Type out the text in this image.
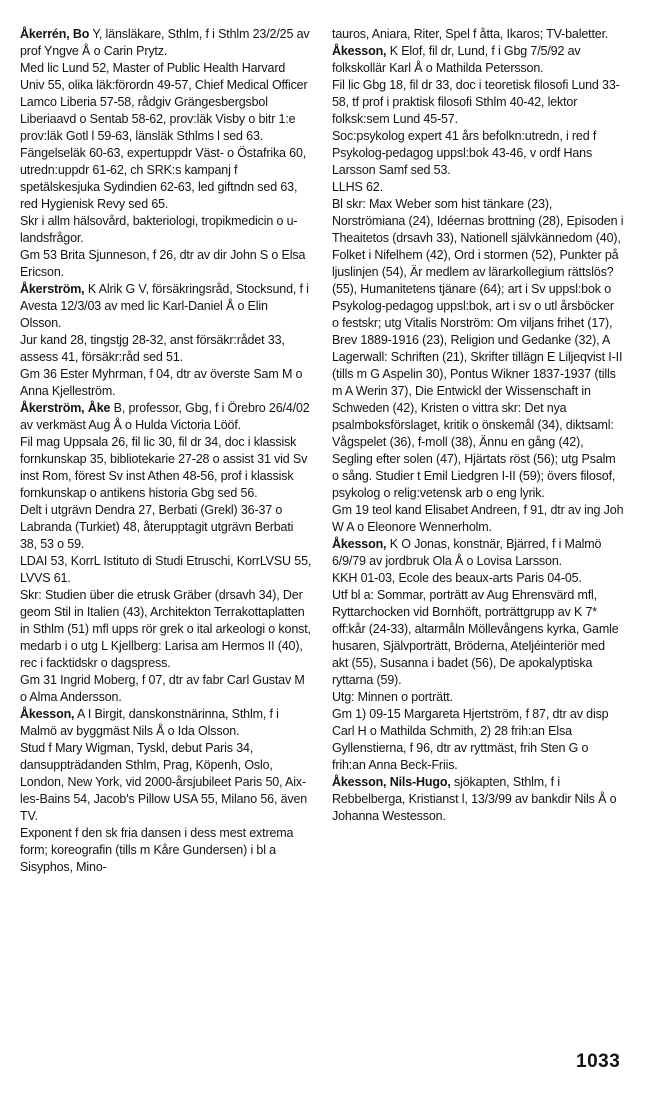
Åkerrén, Bo Y, länsläkare, Sthlm, f i Sthlm 23/2/25 av prof Yngve Å o Carin Prytz.

Med lic Lund 52, Master of Public Health Harvard Univ 55, olika läk:förordn 49-57, Chief Medical Officer Lamco Liberia 57-58, rådgiv Grängesbergsbol Liberiaavd o Sentab 58-62, prov:läk Visby o bitr 1:e prov:läk Gotl l 59-63, länsläk Sthlms l sed 63.

Fängelseläk 60-63, expertuppdr Väst- o Östafrika 60, utredn:uppdr 61-62, ch SRK:s kampanj f spetälskesjuka Sydindien 62-63, led giftndn sed 63, red Hygienisk Revy sed 65.

Skr i allm hälsovård, bakteriologi, tropikmedicin o u-landsfrågor.

Gm 53 Brita Sjunneson, f 26, dtr av dir John S o Elsa Ericson.

Åkerström, K Alrik G V, försäkringsråd, Stocksund, f i Avesta 12/3/03 av med lic Karl-Daniel Å o Elin Olsson.

Jur kand 28, tingstjg 28-32, anst försäkr:rådet 33, assess 41, försäkr:råd sed 51.

Gm 36 Ester Myhrman, f 04, dtr av överste Sam M o Anna Kjelleström.

Åkerström, Åke B, professor, Gbg, f i Örebro 26/4/02 av verkmäst Aug Å o Hulda Victoria Lööf.

Fil mag Uppsala 26, fil lic 30, fil dr 34, doc i klassisk fornkunskap 35, bibliotekarie 27-28 o assist 31 vid Sv inst Rom, förest Sv inst Athen 48-56, prof i klassisk fornkunskap o antikens historia Gbg sed 56.

Delt i utgrävn Dendra 27, Berbati (Grekl) 36-37 o Labranda (Turkiet) 48, återupptagit utgrävn Berbati 38, 53 o 59.

LDAI 53, KorrL Istituto di Studi Etruschi, KorrLVSU 55, LVVS 61.

Skr: Studien über die etrusk Gräber (drsavh 34), Der geom Stil in Italien (43), Architekton Terrakottaplatten in Sthlm (51) mfl upps rör grek o ital arkeologi o konst, medarb i o utg L Kjellberg: Larisa am Hermos II (40), rec i facktidskr o dagspress.

Gm 31 Ingrid Moberg, f 07, dtr av fabr Carl Gustav M o Alma Andersson.

Åkesson, A I Birgit, danskonstnärinna, Sthlm, f i Malmö av byggmäst Nils Å o Ida Olsson.

Stud f Mary Wigman, Tyskl, debut Paris 34, dansuppträdanden Sthlm, Prag, Köpenh, Oslo, London, New York, vid 2000-årsjubileet Paris 50, Aix-les-Bains 54, Jacob's Pillow USA 55, Milano 56, även TV.

Exponent f den sk fria dansen i dess mest extrema form; koreografin (tills m Kåre Gundersen) i bl a Sisyphos, Mino-

tauros, Aniara, Riter, Spel f åtta, Ikaros; TV-baletter.

Åkesson, K Elof, fil dr, Lund, f i Gbg 7/5/92 av folkskollär Karl Å o Mathilda Petersson.

Fil lic Gbg 18, fil dr 33, doc i teoretisk filosofi Lund 33-58, tf prof i praktisk filosofi Sthlm 40-42, lektor folksk:sem Lund 45-57.

Soc:psykolog expert 41 års befolkn:utredn, i red f Psykolog-pedagog uppsl:bok 43-46, v ordf Hans Larsson Samf sed 53.

LLHS 62.

Bl skr: Max Weber som hist tänkare (23), Norströmiana (24), Idéernas brottning (28), Episoden i Theaitetos (drsavh 33), Nationell självkännedom (40), Folket i Nifelhem (42), Ord i stormen (52), Punkter på ljuslinjen (54), Är medlem av lärarkollegium rättslös? (55), Humanitetens tjänare (64); art i Sv uppsl:bok o Psykolog-pedagog uppsl:bok, art i sv o utl årsböcker o festskr; utg Vitalis Norström: Om viljans frihet (17), Brev 1889-1916 (23), Religion und Gedanke (32), A Lagerwall: Schriften (21), Skrifter tillägn E Liljeqvist I-II (tills m G Aspelin 30), Pontus Wikner 1837-1937 (tills m A Werin 37), Die Entwickl der Wissenschaft in Schweden (42), Kristen o vittra skr: Det nya psalmboksförslaget, kritik o önskemål (34), diktsaml: Vågspelet (36), f-moll (38), Ännu en gång (42), Segling efter solen (47), Hjärtats röst (56); utg Psalm o sång. Studier t Emil Liedgren I-II (59); övers filosof, psykolog o relig:vetensk arb o eng lyrik.

Gm 19 teol kand Elisabet Andreen, f 91, dtr av ing Joh W A o Eleonore Wennerholm.

Åkesson, K O Jonas, konstnär, Bjärred, f i Malmö 6/9/79 av jordbruk Ola Å o Lovisa Larsson.

KKH 01-03, Ecole des beaux-arts Paris 04-05.

Utf bl a: Sommar, porträtt av Aug Ehrensvärd mfl, Ryttarchocken vid Bornhöft, porträttgrupp av K 7* off:kår (24-33), altarmåln Möllevångens kyrka, Gamle husaren, Självporträtt, Bröderna, Ateljéinteriör med akt (55), Susanna i badet (56), De apokalyptiska ryttarna (59).

Utg: Minnen o porträtt.

Gm 1) 09-15 Margareta Hjertström, f 87, dtr av disp Carl H o Mathilda Schmith, 2) 28 frih:an Elsa Gyllenstierna, f 96, dtr av ryttmäst, frih Sten G o frih:an Anna Beck-Friis.

Åkesson, Nils-Hugo, sjökapten, Sthlm, f i Rebbelberga, Kristianst l, 13/3/99 av bankdir Nils Å o Johanna Westesson.

1033
